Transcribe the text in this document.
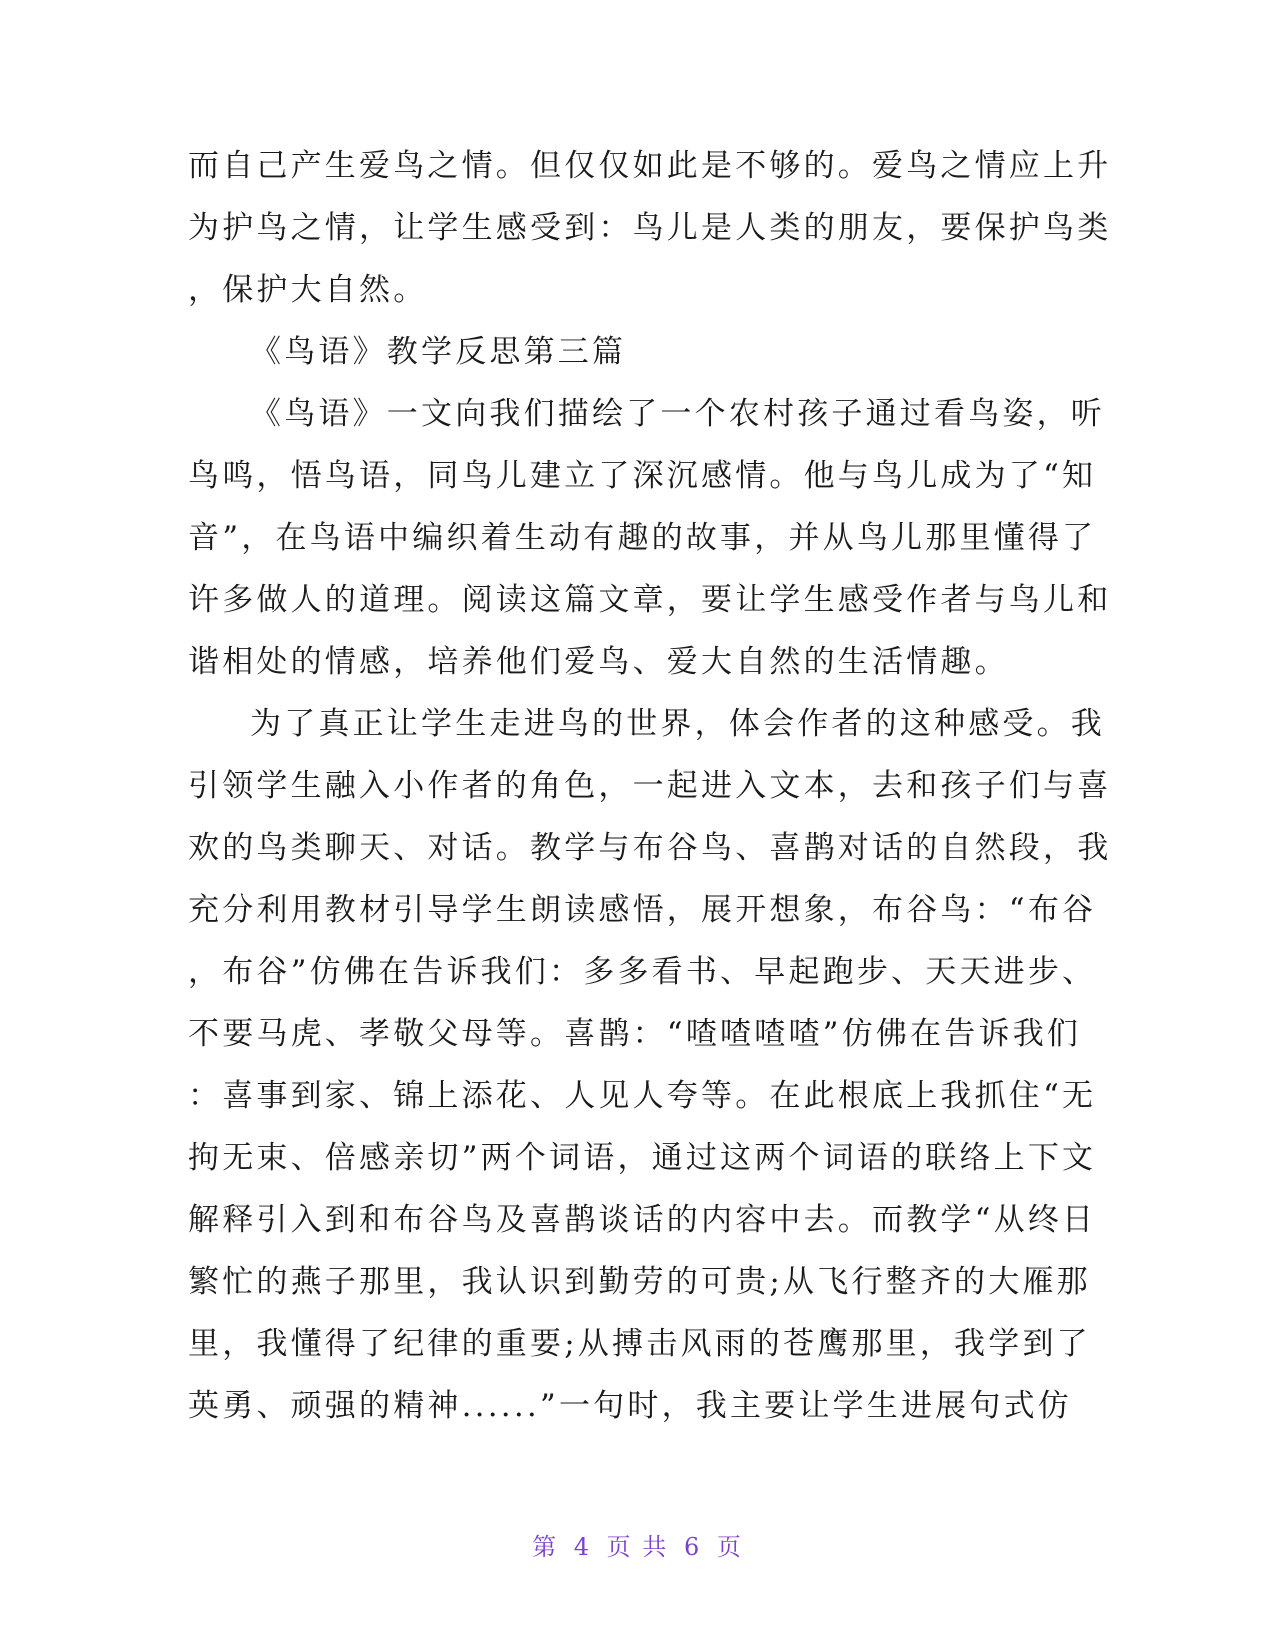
而自己产生爱鸟之情。但仅仅如此是不够的。爱鸟之情应上升
为护鸟之情，让学生感受到：鸟儿是人类的朋友，要保护鸟类
，保护大自然。
《鸟语》教学反思第三篇
《鸟语》一文向我们描绘了一个农村孩子通过看鸟姿，听
鸟鸣，悟鸟语，同鸟儿建立了深沉感情。他与鸟儿成为了“知
音”，在鸟语中编织着生动有趣的故事，并从鸟儿那里懂得了
许多做人的道理。阅读这篇文章，要让学生感受作者与鸟儿和
谐相处的情感，培养他们爱鸟、爱大自然的生活情趣。
为了真正让学生走进鸟的世界，体会作者的这种感受。我
引领学生融入小作者的角色，一起进入文本，去和孩子们与喜
欢的鸟类聊天、对话。教学与布谷鸟、喜鹊对话的自然段，我
充分利用教材引导学生朗读感悟，展开想象，布谷鸟：“布谷
，布谷”仿佛在告诉我们：多多看书、早起跑步、天天进步、
不要马虎、孝敬父母等。喜鹊：“喳喳喳喳”仿佛在告诉我们
：喜事到家、锦上添花、人见人夸等。在此根底上我抓住“无
拘无束、倍感亲切”两个词语，通过这两个词语的联络上下文
解释引入到和布谷鸟及喜鹊谈话的内容中去。而教学“从终日
繁忙的燕子那里，我认识到勤劳的可贵;从飞行整齐的大雁那
里，我懂得了纪律的重要;从搏击风雨的苍鹰那里，我学到了
英勇、顽强的精神......”一句时，我主要让学生进展句式仿
第 4 页 共 6 页
